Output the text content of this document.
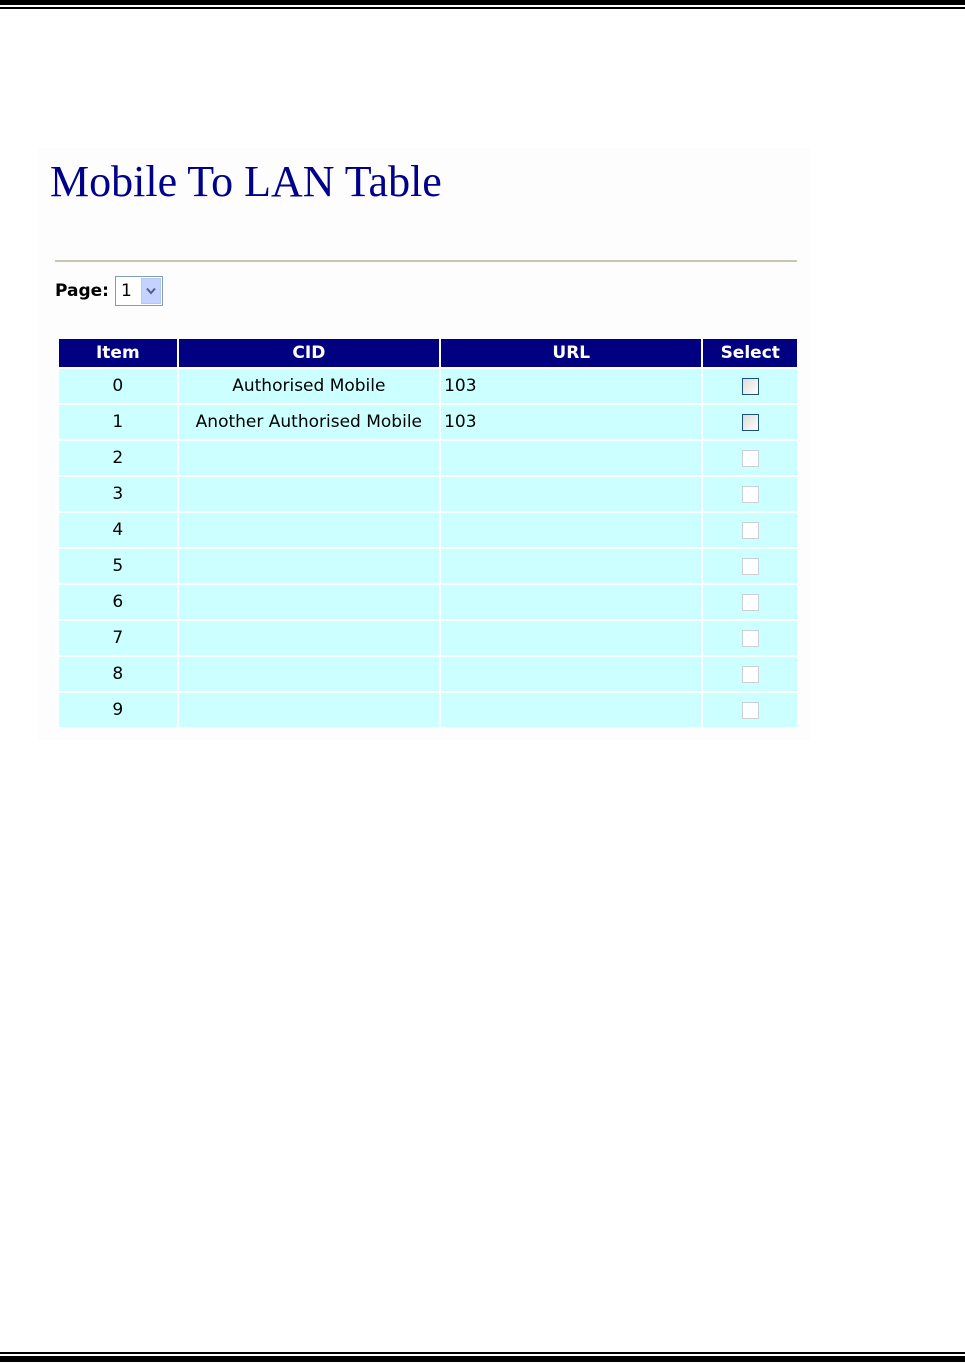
Mobile To LAN Table
Page: 1
Item	CID	URL	Select
0	Authorised Mobile	103	
1	Another Authorised Mobile	103	
2			
3			
4			
5			
6			
7			
8			
9			
